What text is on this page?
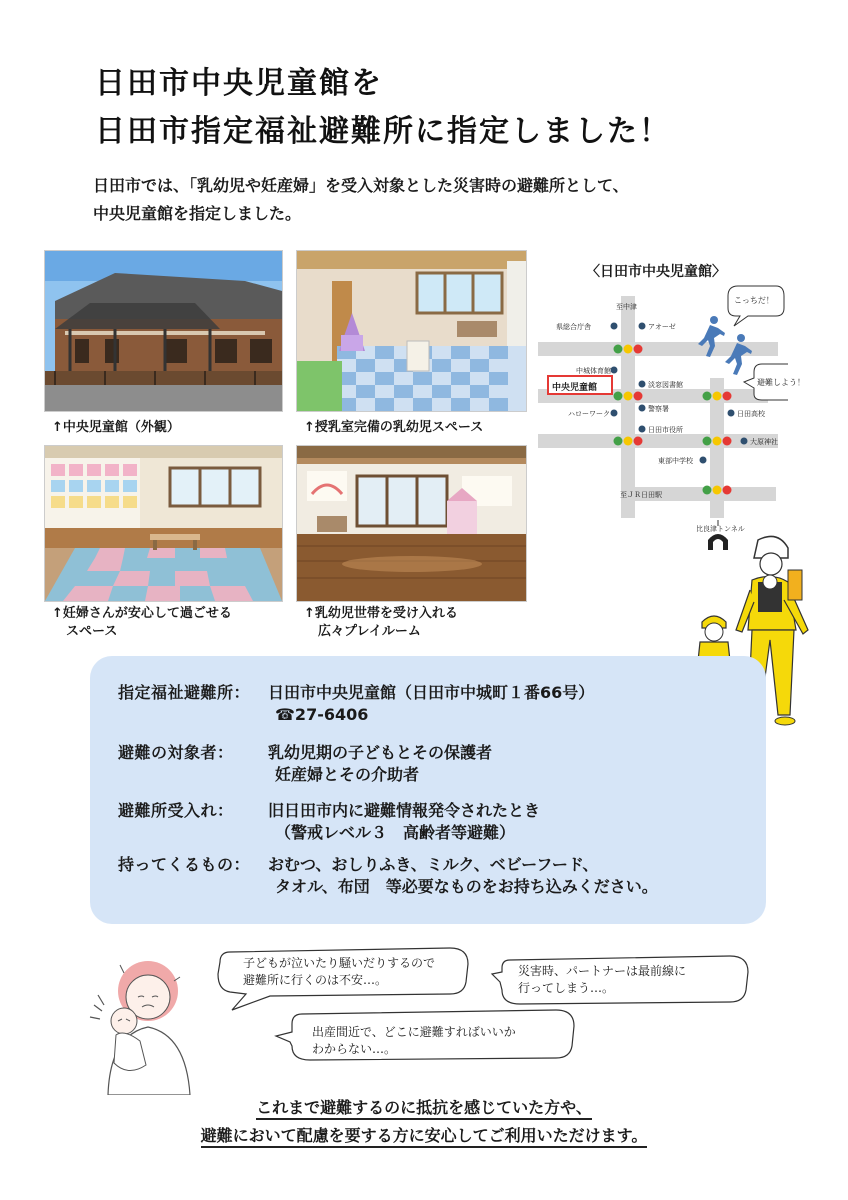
日田市中央児童館を
日田市指定福祉避難所に指定しました！
日田市では、「乳幼児や妊産婦」を受入対象とした災害時の避難所として、
中央児童館を指定しました。
↑中央児童館（外観）	↑授乳室完備の乳幼児スペース
↑妊婦さんが安心して過ごせる
スペース
↑乳幼児世帯を受け入れる
広々プレイルーム
〈日田市中央児童館〉
至中津
県総合庁舎	アオーゼ
中城体育館
中央児童館	淡窓図書館
ハローワーク
警察署
日田高校
日田市役所
大原神社
東部中学校
至ＪＲ日田駅
比良津トンネル
こっちだ！
避難しよう！
指定福祉避難所： 日田市中央児童館（日田市中城町１番66号）
☎27-6406
避難の対象者： 乳幼児期の子どもとその保護者
妊産婦とその介助者
避難所受入れ： 旧日田市内に避難情報発令されたとき
（警戒レベル３　高齢者等避難）
持ってくるもの： おむつ、おしりふき、ミルク、ベビーフード、
タオル、布団　等必要なものをお持ち込みください。
子どもが泣いたり騒いだりするので
避難所に行くのは不安…。
災害時、パートナーは最前線に
行ってしまう…。
出産間近で、どこに避難すればいいか
わからない…。
これまで避難するのに抵抗を感じていた方や、
避難において配慮を要する方に安心してご利用いただけます。
